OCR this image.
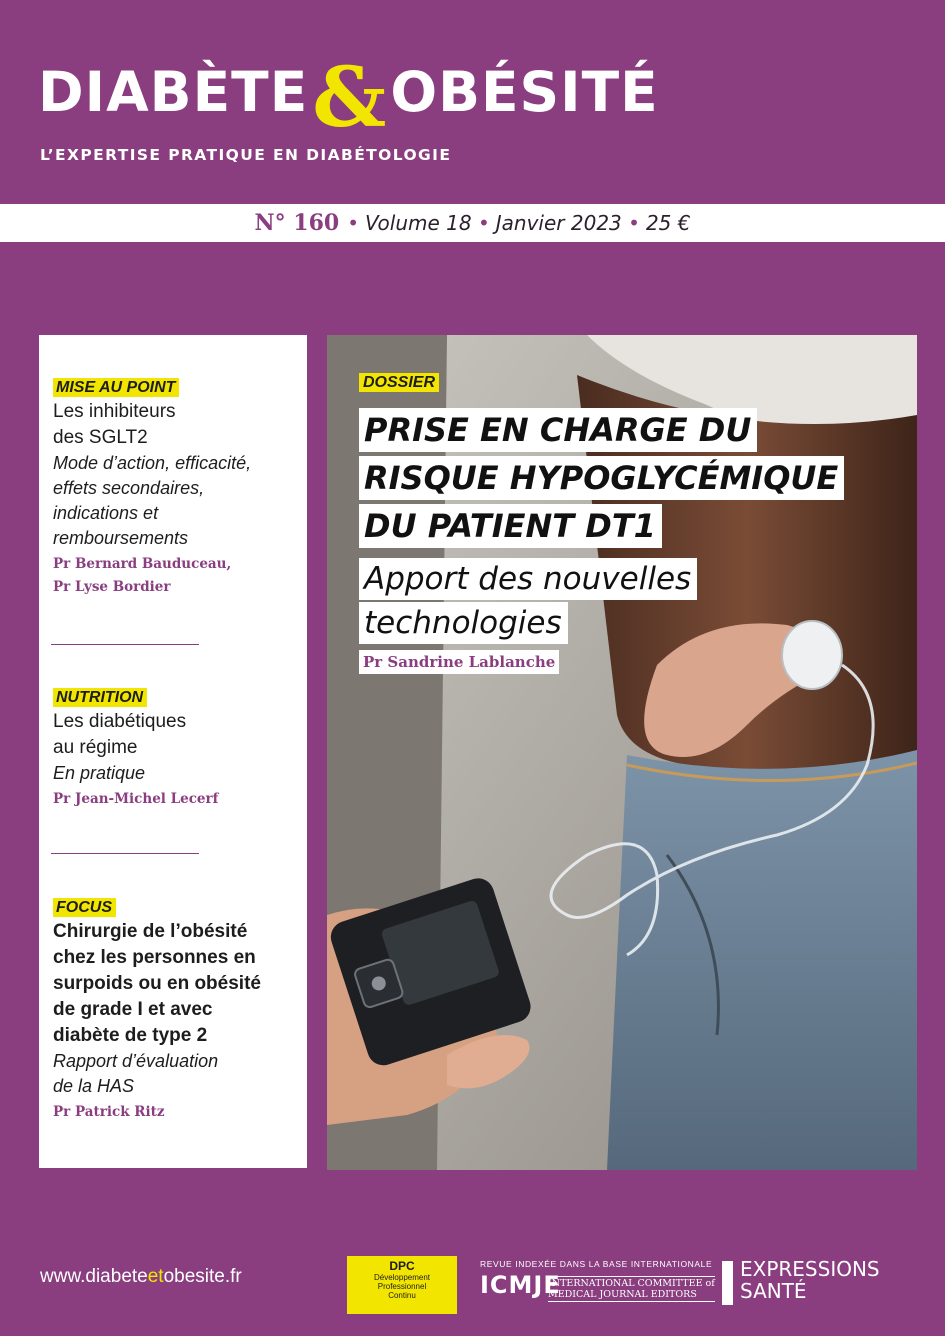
DIABÈTE & OBÉSITÉ
L’EXPERTISE PRATIQUE EN DIABÉTOLOGIE
N° 160 • Volume 18 • Janvier 2023 • 25 €
MISE AU POINT
Les inhibiteurs
des SGLT2
Mode d’action, efficacité,
effets secondaires,
indications et
remboursements
Pr Bernard Bauduceau,
Pr Lyse Bordier
NUTRITION
Les diabétiques
au régime
En pratique
Pr Jean-Michel Lecerf
FOCUS
Chirurgie de l’obésité
chez les personnes en
surpoids ou en obésité
de grade I et avec
diabète de type 2
Rapport d’évaluation
de la HAS
Pr Patrick Ritz
DOSSIER
PRISE EN CHARGE DU
RISQUE HYPOGLYCÉMIQUE
DU PATIENT DT1
Apport des nouvelles
technologies
Pr Sandrine Lablanche
www.diabeteetobesite.fr	DPC
Développement
Professionnel
Continu
REVUE INDEXÉE DANS LA BASE INTERNATIONALE
ICMJE
INTERNATIONAL COMMITTEE of
MEDICAL JOURNAL EDITORS
EXPRESSIONS
SANTÉ
